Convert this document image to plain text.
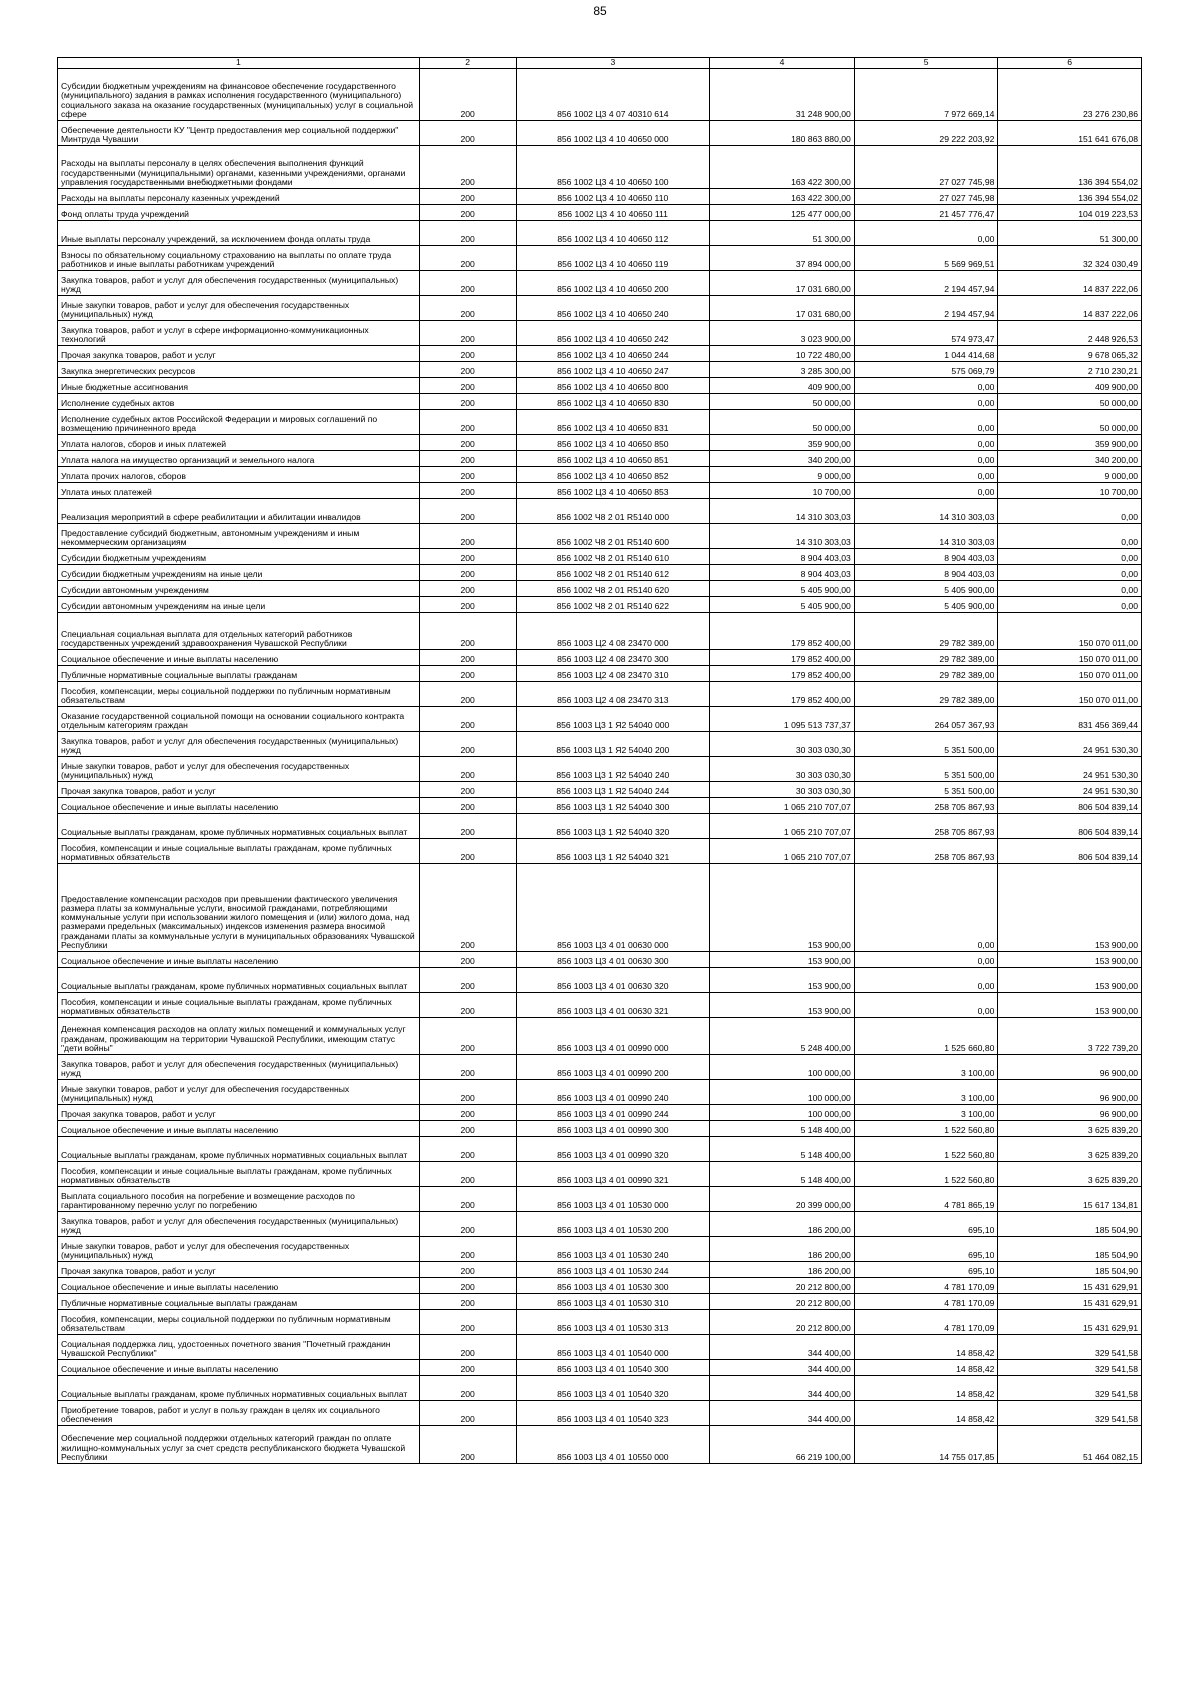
85
1	2	3	4	5	6
Субсидии бюджетным учреждениям на финансовое обеспечение государственного (муниципального) задания в рамках исполнения государственного (муниципального) социального заказа на оказание государственных (муниципальных) услуг в социальной сфере	200	856 1002 Ц3 4 07 40310 614	31 248 900,00	7 972 669,14	23 276 230,86
Обеспечение деятельности КУ "Центр предоставления мер социальной поддержки" Минтруда Чувашии	200	856 1002 Ц3 4 10 40650 000	180 863 880,00	29 222 203,92	151 641 676,08
Расходы на выплаты персоналу в целях обеспечения выполнения функций государственными (муниципальными) органами, казенными учреждениями, органами управления государственными внебюджетными фондами	200	856 1002 Ц3 4 10 40650 100	163 422 300,00	27 027 745,98	136 394 554,02
Расходы на выплаты персоналу казенных учреждений	200	856 1002 Ц3 4 10 40650 110	163 422 300,00	27 027 745,98	136 394 554,02
Фонд оплаты труда учреждений	200	856 1002 Ц3 4 10 40650 111	125 477 000,00	21 457 776,47	104 019 223,53
Иные выплаты персоналу учреждений, за исключением фонда оплаты труда	200	856 1002 Ц3 4 10 40650 112	51 300,00	0,00	51 300,00
Взносы по обязательному социальному страхованию на выплаты по оплате труда работников и иные выплаты работникам учреждений	200	856 1002 Ц3 4 10 40650 119	37 894 000,00	5 569 969,51	32 324 030,49
Закупка товаров, работ и услуг для обеспечения государственных (муниципальных) нужд	200	856 1002 Ц3 4 10 40650 200	17 031 680,00	2 194 457,94	14 837 222,06
Иные закупки товаров, работ и услуг для обеспечения государственных (муниципальных) нужд	200	856 1002 Ц3 4 10 40650 240	17 031 680,00	2 194 457,94	14 837 222,06
Закупка товаров, работ и услуг в сфере информационно-коммуникационных технологий	200	856 1002 Ц3 4 10 40650 242	3 023 900,00	574 973,47	2 448 926,53
Прочая закупка товаров, работ и услуг	200	856 1002 Ц3 4 10 40650 244	10 722 480,00	1 044 414,68	9 678 065,32
Закупка энергетических ресурсов	200	856 1002 Ц3 4 10 40650 247	3 285 300,00	575 069,79	2 710 230,21
Иные бюджетные ассигнования	200	856 1002 Ц3 4 10 40650 800	409 900,00	0,00	409 900,00
Исполнение судебных актов	200	856 1002 Ц3 4 10 40650 830	50 000,00	0,00	50 000,00
Исполнение судебных актов Российской Федерации и мировых соглашений по возмещению причиненного вреда	200	856 1002 Ц3 4 10 40650 831	50 000,00	0,00	50 000,00
Уплата налогов, сборов и иных платежей	200	856 1002 Ц3 4 10 40650 850	359 900,00	0,00	359 900,00
Уплата налога на имущество организаций и земельного налога	200	856 1002 Ц3 4 10 40650 851	340 200,00	0,00	340 200,00
Уплата прочих налогов, сборов	200	856 1002 Ц3 4 10 40650 852	9 000,00	0,00	9 000,00
Уплата иных платежей	200	856 1002 Ц3 4 10 40650 853	10 700,00	0,00	10 700,00
Реализация мероприятий в сфере реабилитации и абилитации инвалидов	200	856 1002 Ч8 2 01 R5140 000	14 310 303,03	14 310 303,03	0,00
Предоставление субсидий бюджетным, автономным учреждениям и иным некоммерческим организациям	200	856 1002 Ч8 2 01 R5140 600	14 310 303,03	14 310 303,03	0,00
Субсидии бюджетным учреждениям	200	856 1002 Ч8 2 01 R5140 610	8 904 403,03	8 904 403,03	0,00
Субсидии бюджетным учреждениям на иные цели	200	856 1002 Ч8 2 01 R5140 612	8 904 403,03	8 904 403,03	0,00
Субсидии автономным учреждениям	200	856 1002 Ч8 2 01 R5140 620	5 405 900,00	5 405 900,00	0,00
Субсидии автономным учреждениям на иные цели	200	856 1002 Ч8 2 01 R5140 622	5 405 900,00	5 405 900,00	0,00
Специальная социальная выплата для отдельных категорий работников государственных учреждений здравоохранения Чувашской Республики	200	856 1003 Ц2 4 08 23470 000	179 852 400,00	29 782 389,00	150 070 011,00
Социальное обеспечение и иные выплаты населению	200	856 1003 Ц2 4 08 23470 300	179 852 400,00	29 782 389,00	150 070 011,00
Публичные нормативные социальные выплаты гражданам	200	856 1003 Ц2 4 08 23470 310	179 852 400,00	29 782 389,00	150 070 011,00
Пособия, компенсации, меры социальной поддержки по публичным нормативным обязательствам	200	856 1003 Ц2 4 08 23470 313	179 852 400,00	29 782 389,00	150 070 011,00
Оказание государственной социальной помощи на основании социального контракта отдельным категориям граждан	200	856 1003 Ц3 1 Я2 54040 000	1 095 513 737,37	264 057 367,93	831 456 369,44
Закупка товаров, работ и услуг для обеспечения государственных (муниципальных) нужд	200	856 1003 Ц3 1 Я2 54040 200	30 303 030,30	5 351 500,00	24 951 530,30
Иные закупки товаров, работ и услуг для обеспечения государственных (муниципальных) нужд	200	856 1003 Ц3 1 Я2 54040 240	30 303 030,30	5 351 500,00	24 951 530,30
Прочая закупка товаров, работ и услуг	200	856 1003 Ц3 1 Я2 54040 244	30 303 030,30	5 351 500,00	24 951 530,30
Социальное обеспечение и иные выплаты населению	200	856 1003 Ц3 1 Я2 54040 300	1 065 210 707,07	258 705 867,93	806 504 839,14
Социальные выплаты гражданам, кроме публичных нормативных социальных выплат	200	856 1003 Ц3 1 Я2 54040 320	1 065 210 707,07	258 705 867,93	806 504 839,14
Пособия, компенсации и иные социальные выплаты гражданам, кроме публичных нормативных обязательств	200	856 1003 Ц3 1 Я2 54040 321	1 065 210 707,07	258 705 867,93	806 504 839,14
Предоставление компенсации расходов при превышении фактического увеличения размера платы за коммунальные услуги, вносимой гражданами, потребляющими коммунальные услуги при использовании жилого помещения и (или) жилого дома, над размерами предельных (максимальных) индексов изменения размера вносимой гражданами платы за коммунальные услуги в муниципальных образованиях Чувашской Республики	200	856 1003 Ц3 4 01 00630 000	153 900,00	0,00	153 900,00
Социальное обеспечение и иные выплаты населению	200	856 1003 Ц3 4 01 00630 300	153 900,00	0,00	153 900,00
Социальные выплаты гражданам, кроме публичных нормативных социальных выплат	200	856 1003 Ц3 4 01 00630 320	153 900,00	0,00	153 900,00
Пособия, компенсации и иные социальные выплаты гражданам, кроме публичных нормативных обязательств	200	856 1003 Ц3 4 01 00630 321	153 900,00	0,00	153 900,00
Денежная компенсация расходов на оплату жилых помещений и коммунальных услуг гражданам, проживающим на территории Чувашской Республики, имеющим статус "дети войны"	200	856 1003 Ц3 4 01 00990 000	5 248 400,00	1 525 660,80	3 722 739,20
Закупка товаров, работ и услуг для обеспечения государственных (муниципальных) нужд	200	856 1003 Ц3 4 01 00990 200	100 000,00	3 100,00	96 900,00
Иные закупки товаров, работ и услуг для обеспечения государственных (муниципальных) нужд	200	856 1003 Ц3 4 01 00990 240	100 000,00	3 100,00	96 900,00
Прочая закупка товаров, работ и услуг	200	856 1003 Ц3 4 01 00990 244	100 000,00	3 100,00	96 900,00
Социальное обеспечение и иные выплаты населению	200	856 1003 Ц3 4 01 00990 300	5 148 400,00	1 522 560,80	3 625 839,20
Социальные выплаты гражданам, кроме публичных нормативных социальных выплат	200	856 1003 Ц3 4 01 00990 320	5 148 400,00	1 522 560,80	3 625 839,20
Пособия, компенсации и иные социальные выплаты гражданам, кроме публичных нормативных обязательств	200	856 1003 Ц3 4 01 00990 321	5 148 400,00	1 522 560,80	3 625 839,20
Выплата социального пособия на погребение и возмещение расходов по гарантированному перечню услуг по погребению	200	856 1003 Ц3 4 01 10530 000	20 399 000,00	4 781 865,19	15 617 134,81
Закупка товаров, работ и услуг для обеспечения государственных (муниципальных) нужд	200	856 1003 Ц3 4 01 10530 200	186 200,00	695,10	185 504,90
Иные закупки товаров, работ и услуг для обеспечения государственных (муниципальных) нужд	200	856 1003 Ц3 4 01 10530 240	186 200,00	695,10	185 504,90
Прочая закупка товаров, работ и услуг	200	856 1003 Ц3 4 01 10530 244	186 200,00	695,10	185 504,90
Социальное обеспечение и иные выплаты населению	200	856 1003 Ц3 4 01 10530 300	20 212 800,00	4 781 170,09	15 431 629,91
Публичные нормативные социальные выплаты гражданам	200	856 1003 Ц3 4 01 10530 310	20 212 800,00	4 781 170,09	15 431 629,91
Пособия, компенсации, меры социальной поддержки по публичным нормативным обязательствам	200	856 1003 Ц3 4 01 10530 313	20 212 800,00	4 781 170,09	15 431 629,91
Социальная поддержка лиц, удостоенных почетного звания "Почетный гражданин Чувашской Республики"	200	856 1003 Ц3 4 01 10540 000	344 400,00	14 858,42	329 541,58
Социальное обеспечение и иные выплаты населению	200	856 1003 Ц3 4 01 10540 300	344 400,00	14 858,42	329 541,58
Социальные выплаты гражданам, кроме публичных нормативных социальных выплат	200	856 1003 Ц3 4 01 10540 320	344 400,00	14 858,42	329 541,58
Приобретение товаров, работ и услуг в пользу граждан в целях их социального обеспечения	200	856 1003 Ц3 4 01 10540 323	344 400,00	14 858,42	329 541,58
Обеспечение мер социальной поддержки отдельных категорий граждан по оплате жилищно-коммунальных услуг за счет средств республиканского бюджета Чувашской Республики	200	856 1003 Ц3 4 01 10550 000	66 219 100,00	14 755 017,85	51 464 082,15
